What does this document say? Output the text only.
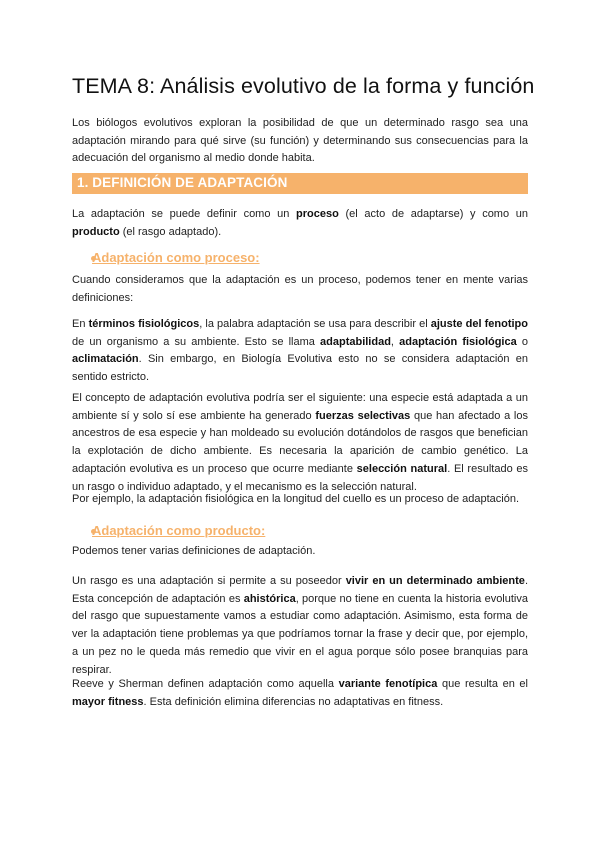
TEMA 8: Análisis evolutivo de la forma y función

Los biólogos evolutivos exploran la posibilidad de que un determinado rasgo sea una adaptación mirando para qué sirve (su función) y determinando sus consecuencias para la adecuación del organismo al medio donde habita.

1. DEFINICIÓN DE ADAPTACIÓN

La adaptación se puede definir como un proceso (el acto de adaptarse) y como un producto (el rasgo adaptado).

Adaptación como proceso:

Cuando consideramos que la adaptación es un proceso, podemos tener en mente varias definiciones:

En términos fisiológicos, la palabra adaptación se usa para describir el ajuste del fenotipo de un organismo a su ambiente. Esto se llama adaptabilidad, adaptación fisiológica o aclimatación. Sin embargo, en Biología Evolutiva esto no se considera adaptación en sentido estricto.

El concepto de adaptación evolutiva podría ser el siguiente: una especie está adaptada a un ambiente sí y solo sí ese ambiente ha generado fuerzas selectivas que han afectado a los ancestros de esa especie y han moldeado su evolución dotándolos de rasgos que benefician la explotación de dicho ambiente. Es necesaria la aparición de cambio genético. La adaptación evolutiva es un proceso que ocurre mediante selección natural. El resultado es un rasgo o individuo adaptado, y el mecanismo es la selección natural.

Por ejemplo, la adaptación fisiológica en la longitud del cuello es un proceso de adaptación.

Adaptación como producto:

Podemos tener varias definiciones de adaptación.

Un rasgo es una adaptación si permite a su poseedor vivir en un determinado ambiente. Esta concepción de adaptación es ahistórica, porque no tiene en cuenta la historia evolutiva del rasgo que supuestamente vamos a estudiar como adaptación. Asimismo, esta forma de ver la adaptación tiene problemas ya que podríamos tornar la frase y decir que, por ejemplo, a un pez no le queda más remedio que vivir en el agua porque sólo posee branquias para respirar.

Reeve y Sherman definen adaptación como aquella variante fenotípica que resulta en el mayor fitness. Esta definición elimina diferencias no adaptativas en fitness.
